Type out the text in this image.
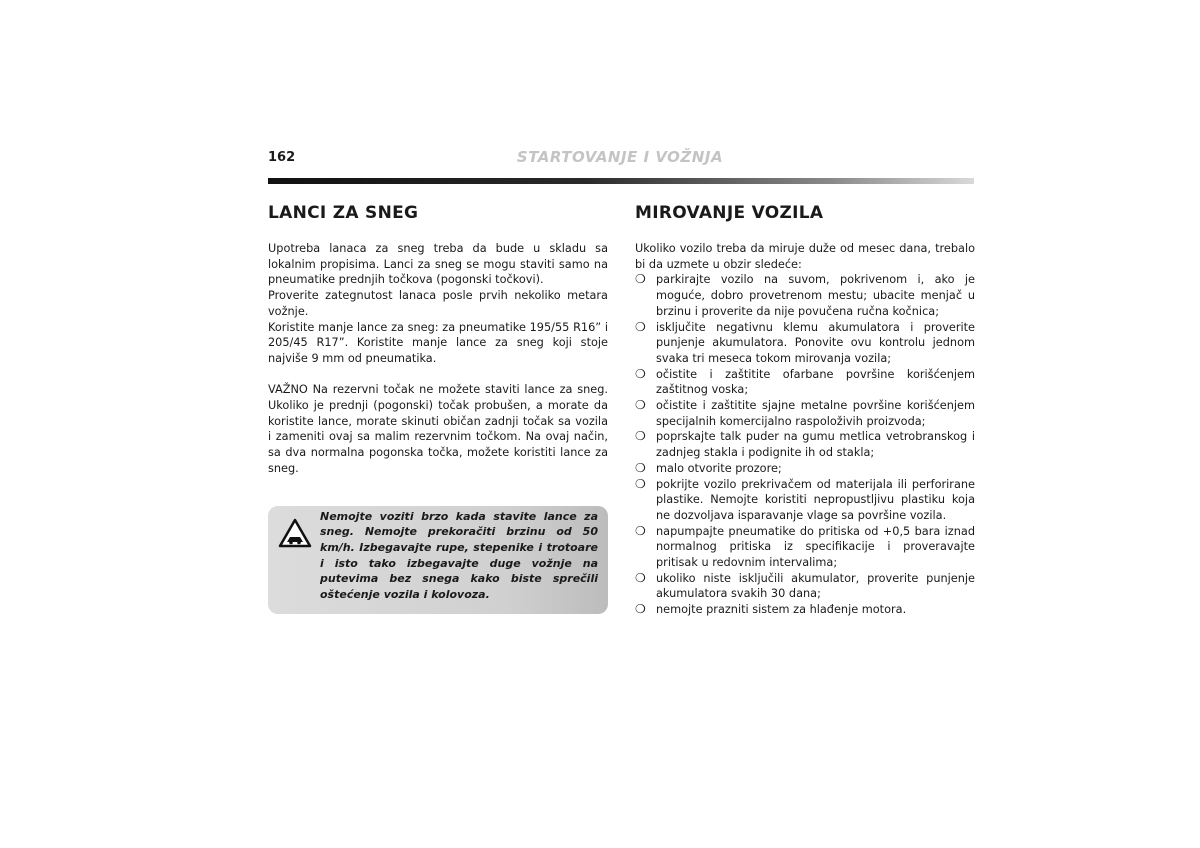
162	STARTOVANJE I VOŽNJA
LANCI ZA SNEG

Upotreba lanaca za sneg treba da bude u skladu sa lokalnim propisima. Lanci za sneg se mogu staviti samo na pneumatike prednjih točkova (pogonski točkovi).

Proverite zategnutost lanaca posle prvih nekoliko metara vožnje.

Koristite manje lance za sneg: za pneumatike 195/55 R16” i 205/45 R17”. Koristite manje lance za sneg koji stoje najviše 9 mm od pneumatika.

VAŽNO Na rezervni točak ne možete staviti lance za sneg. Ukoliko je prednji (pogonski) točak probušen, a morate da koristite lance, morate skinuti običan zadnji točak sa vozila i zameniti ovaj sa malim rezervnim točkom. Na ovaj način, sa dva normalna pogonska točka, možete koristiti lance za sneg.

Nemojte voziti brzo kada stavite lance za sneg. Nemojte prekoračiti brzinu od 50 km/h. Izbegavajte rupe, stepenike i trotoare i isto tako izbegavajte duge vožnje na putevima bez snega kako biste sprečili oštećenje vozila i kolovoza.

MIROVANJE VOZILA

Ukoliko vozilo treba da miruje duže od mesec dana, trebalo bi da uzmete u obzir sledeće:

❍ parkirajte vozilo na suvom, pokrivenom i, ako je moguće, dobro provetrenom mestu; ubacite menjač u brzinu i proverite da nije povučena ručna kočnica;
❍ isključite negativnu klemu akumulatora i proverite punjenje akumulatora. Ponovite ovu kontrolu jednom svaka tri meseca tokom mirovanja vozila;
❍ očistite i zaštitite ofarbane površine korišćenjem zaštitnog voska;
❍ očistite i zaštitite sjajne metalne površine korišćenjem specijalnih komercijalno raspoloživih proizvoda;
❍ poprskajte talk puder na gumu metlica vetrobranskog i zadnjeg stakla i podignite ih od stakla;
❍ malo otvorite prozore;
❍ pokrijte vozilo prekrivačem od materijala ili perforirane plastike. Nemojte koristiti nepropustljivu plastiku koja ne dozvoljava isparavanje vlage sa površine vozila.
❍ napumpajte pneumatike do pritiska od +0,5 bara iznad normalnog pritiska iz specifikacije i proveravajte pritisak u redovnim intervalima;
❍ ukoliko niste isključili akumulator, proverite punjenje akumulatora svakih 30 dana;
❍ nemojte prazniti sistem za hlađenje motora.
